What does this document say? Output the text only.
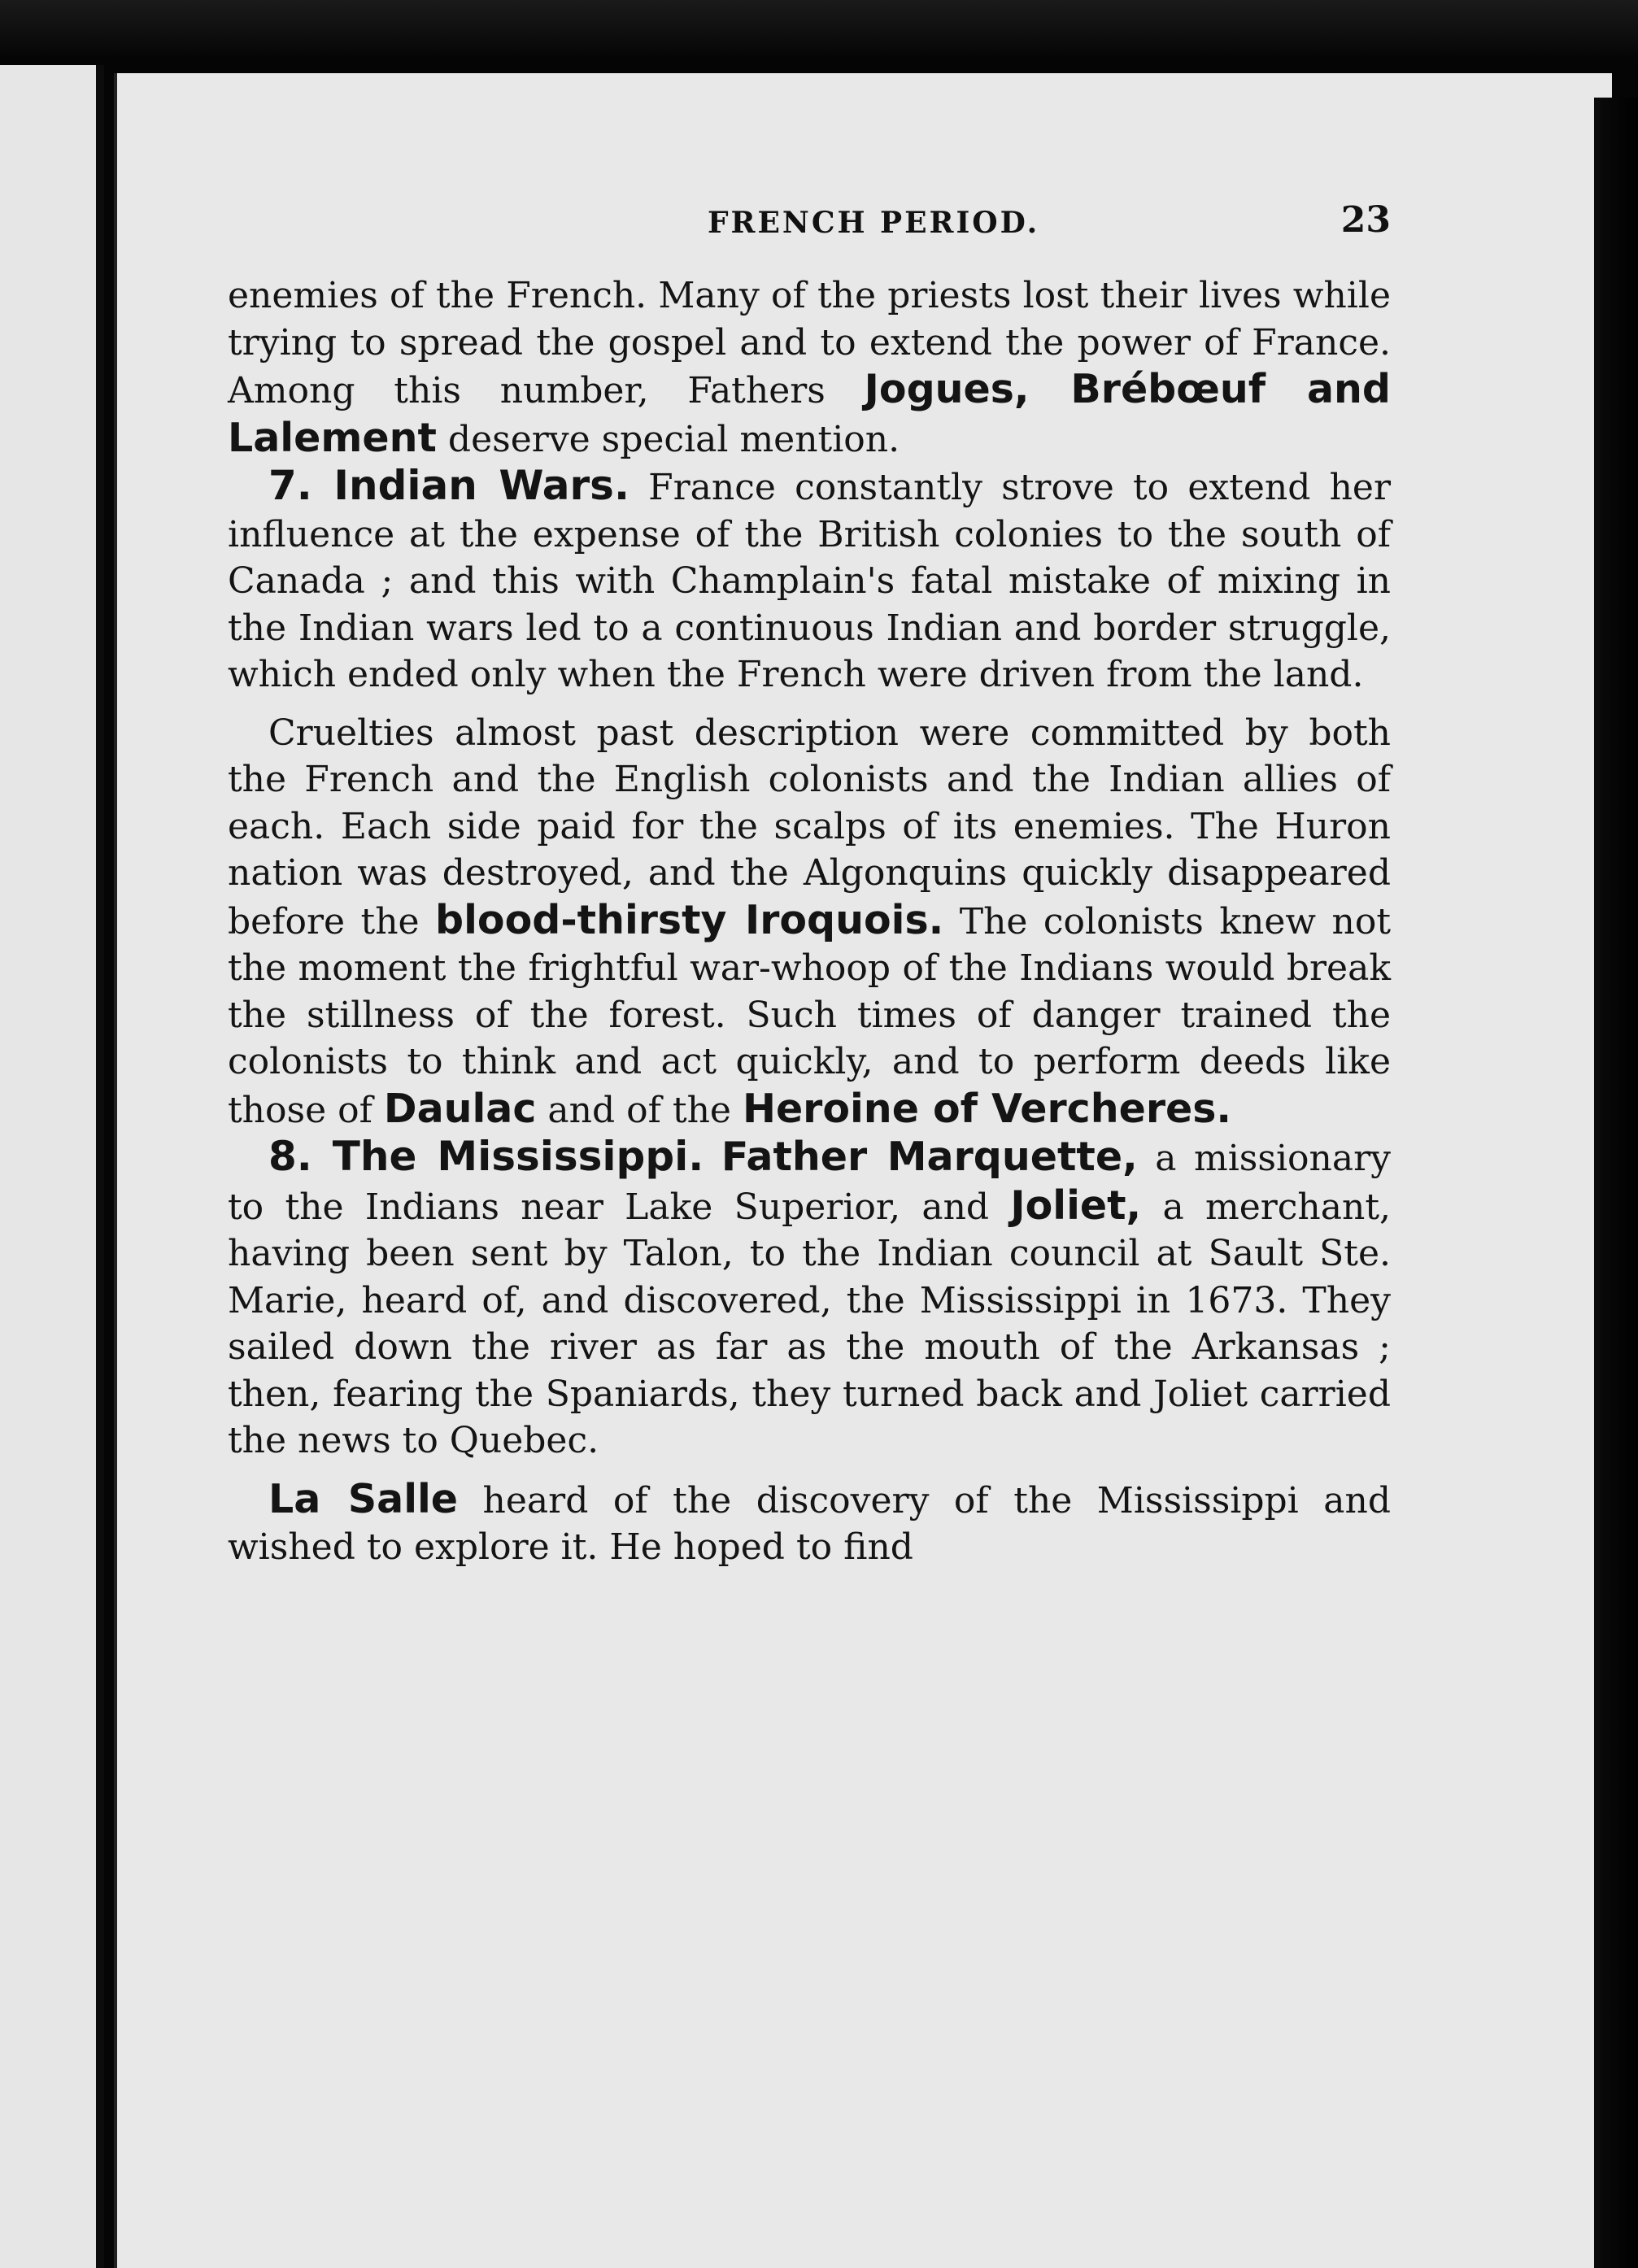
FRENCH PERIOD.	23

enemies of the French. Many of the priests lost their lives while trying to spread the gospel and to extend the power of France. Among this number, Fathers Jogues, Brébœuf and Lalement deserve special mention.

7. Indian Wars. France constantly strove to extend her influence at the expense of the British colonies to the south of Canada ; and this with Champlain's fatal mistake of mixing in the Indian wars led to a continuous Indian and border struggle, which ended only when the French were driven from the land.

Cruelties almost past description were committed by both the French and the English colonists and the Indian allies of each. Each side paid for the scalps of its enemies. The Huron nation was destroyed, and the Algonquins quickly disappeared before the blood-thirsty Iroquois. The colonists knew not the moment the frightful war-whoop of the Indians would break the stillness of the forest. Such times of danger trained the colonists to think and act quickly, and to perform deeds like those of Daulac and of the Heroine of Vercheres.

8. The Mississippi. Father Marquette, a missionary to the Indians near Lake Superior, and Joliet, a merchant, having been sent by Talon, to the Indian council at Sault Ste. Marie, heard of, and discovered, the Mississippi in 1673. They sailed down the river as far as the mouth of the Arkansas ; then, fearing the Spaniards, they turned back and Joliet carried the news to Quebec.

La Salle heard of the discovery of the Mississippi and wished to explore it. He hoped to find
